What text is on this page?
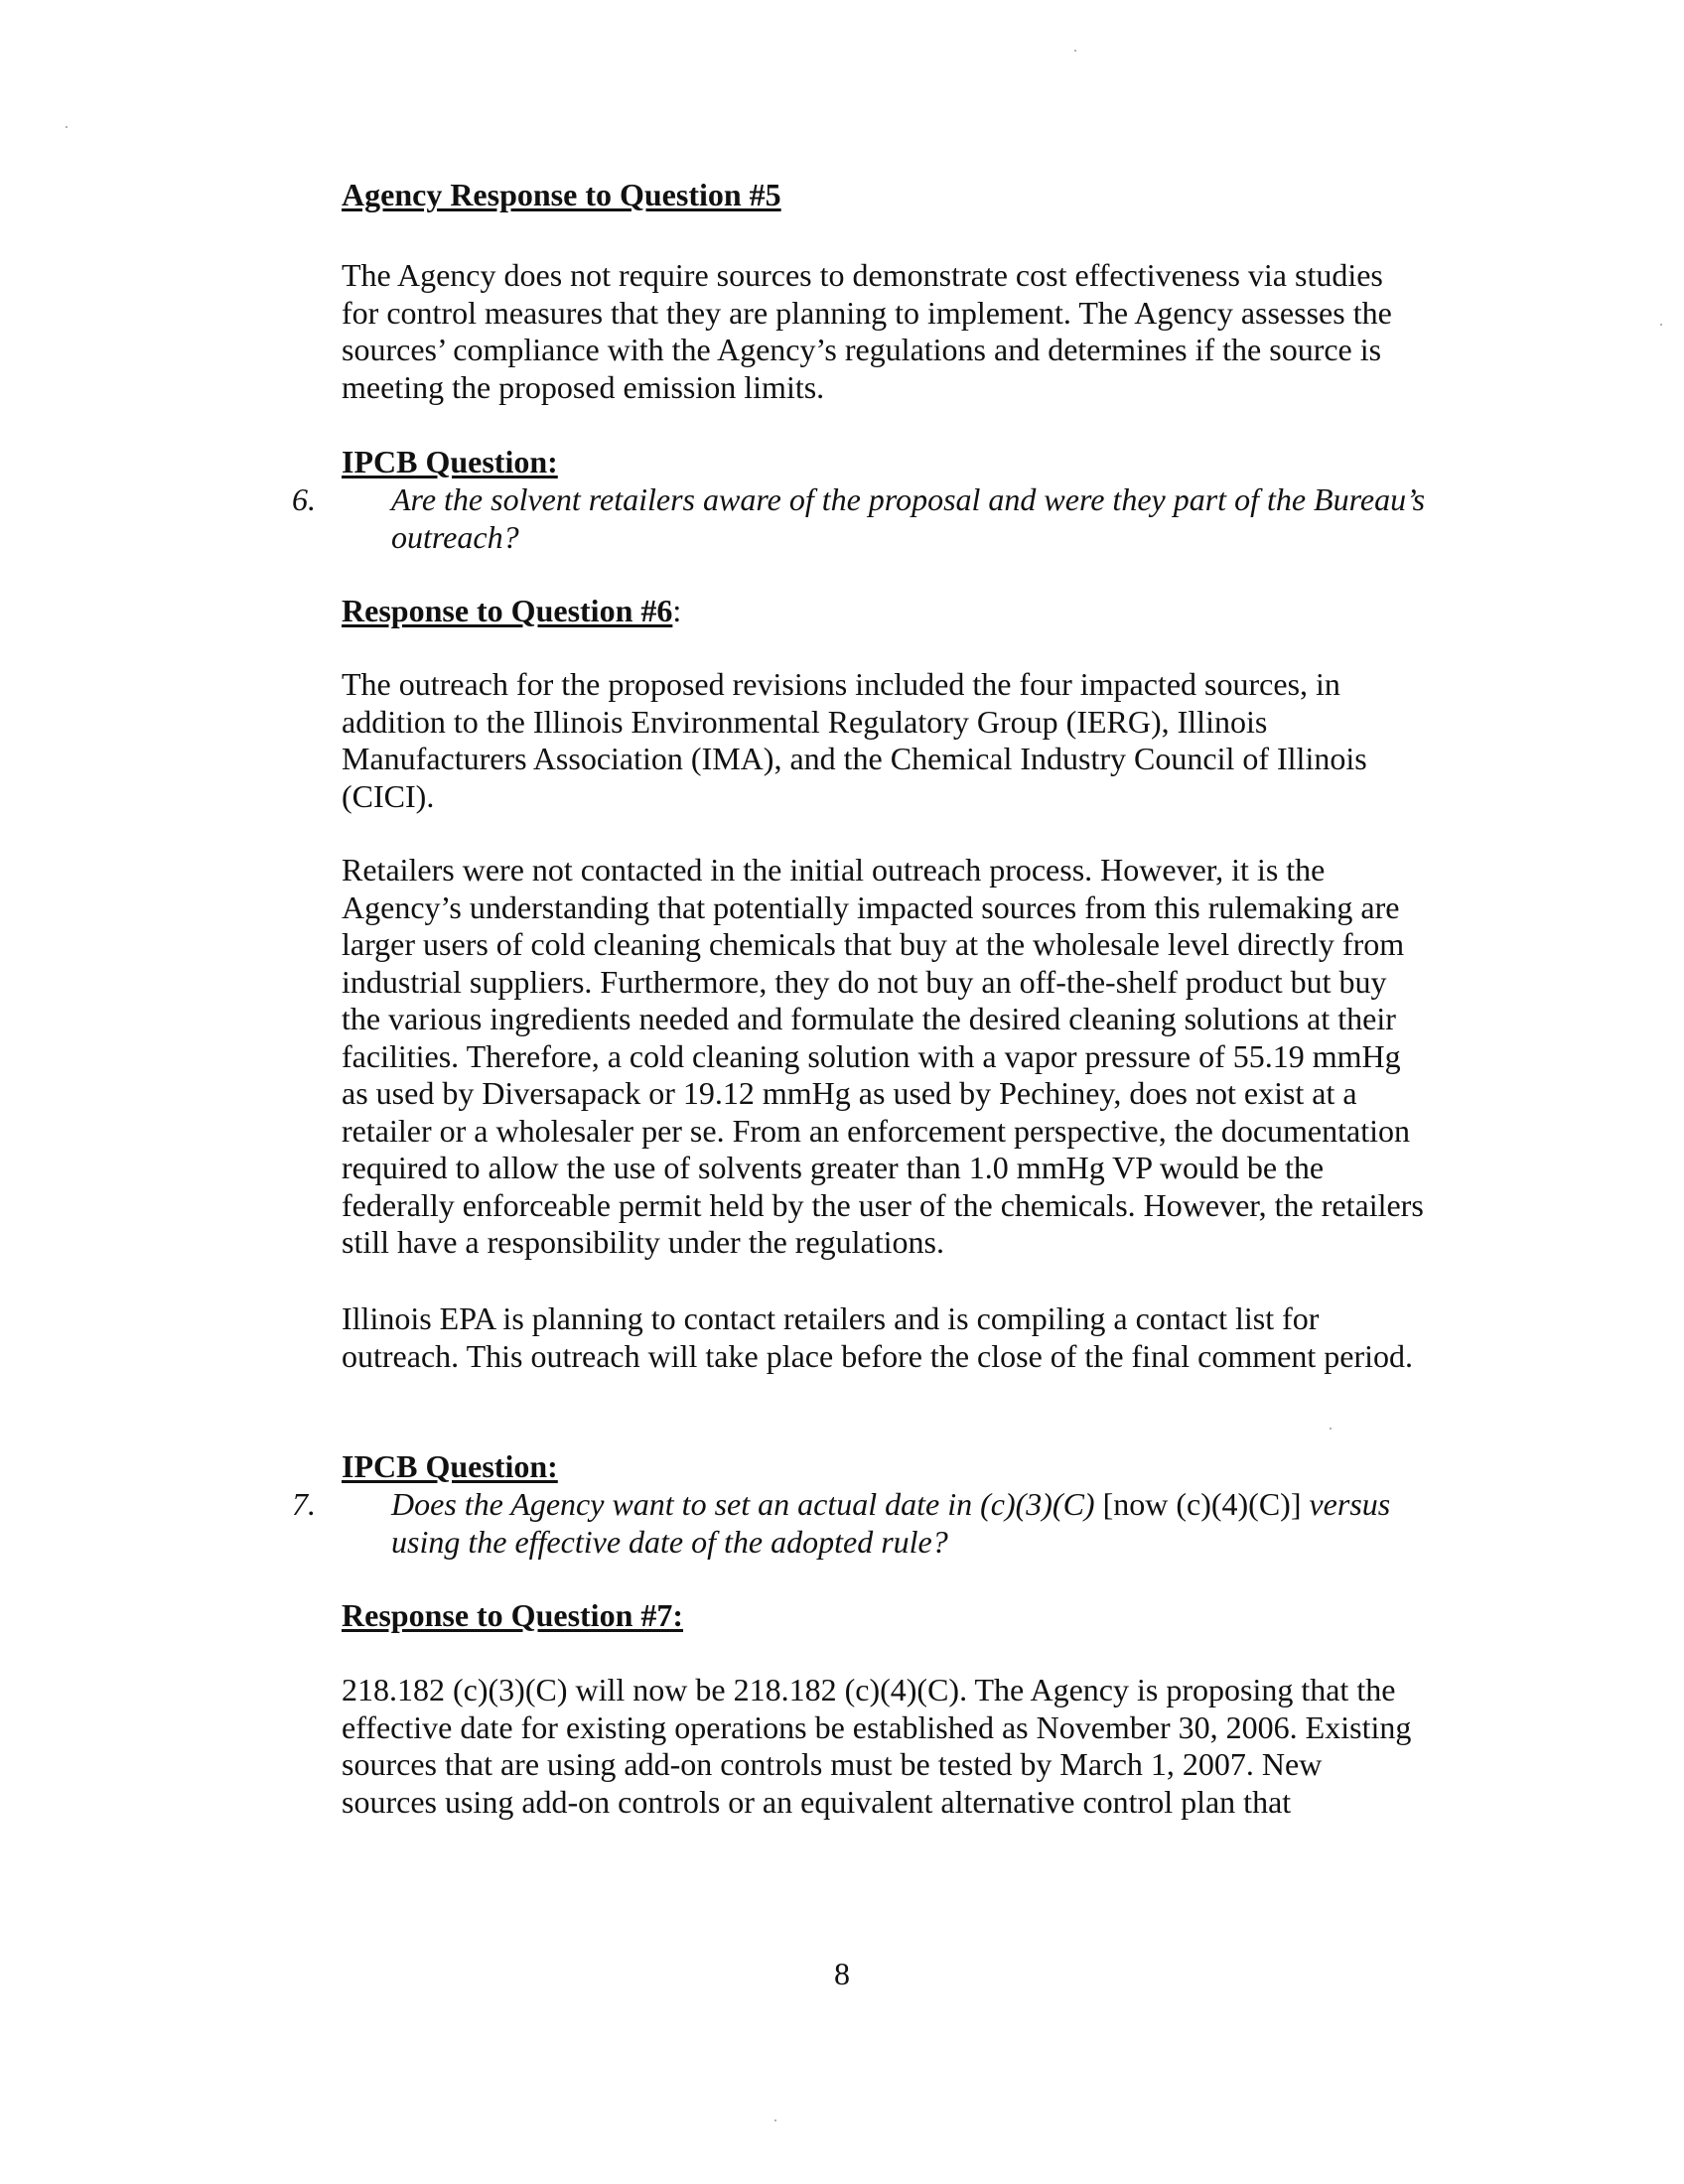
Agency Response to Question #5

The Agency does not require sources to demonstrate cost effectiveness via studies for control measures that they are planning to implement. The Agency assesses the sources’ compliance with the Agency’s regulations and determines if the source is meeting the proposed emission limits.

IPCB Question:

6. Are the solvent retailers aware of the proposal and were they part of the Bureau’s outreach?

Response to Question #6:

The outreach for the proposed revisions included the four impacted sources, in addition to the Illinois Environmental Regulatory Group (IERG), Illinois Manufacturers Association (IMA), and the Chemical Industry Council of Illinois (CICI).

Retailers were not contacted in the initial outreach process. However, it is the Agency’s understanding that potentially impacted sources from this rulemaking are larger users of cold cleaning chemicals that buy at the wholesale level directly from industrial suppliers. Furthermore, they do not buy an off-the-shelf product but buy the various ingredients needed and formulate the desired cleaning solutions at their facilities. Therefore, a cold cleaning solution with a vapor pressure of 55.19 mmHg as used by Diversapack or 19.12 mmHg as used by Pechiney, does not exist at a retailer or a wholesaler per se. From an enforcement perspective, the documentation required to allow the use of solvents greater than 1.0 mmHg VP would be the federally enforceable permit held by the user of the chemicals. However, the retailers still have a responsibility under the regulations.

Illinois EPA is planning to contact retailers and is compiling a contact list for outreach. This outreach will take place before the close of the final comment period.

IPCB Question:

7. Does the Agency want to set an actual date in (c)(3)(C) [now (c)(4)(C)] versus using the effective date of the adopted rule?

Response to Question #7:

218.182 (c)(3)(C) will now be 218.182 (c)(4)(C). The Agency is proposing that the effective date for existing operations be established as November 30, 2006. Existing sources that are using add-on controls must be tested by March 1, 2007. New sources using add-on controls or an equivalent alternative control plan that

8
